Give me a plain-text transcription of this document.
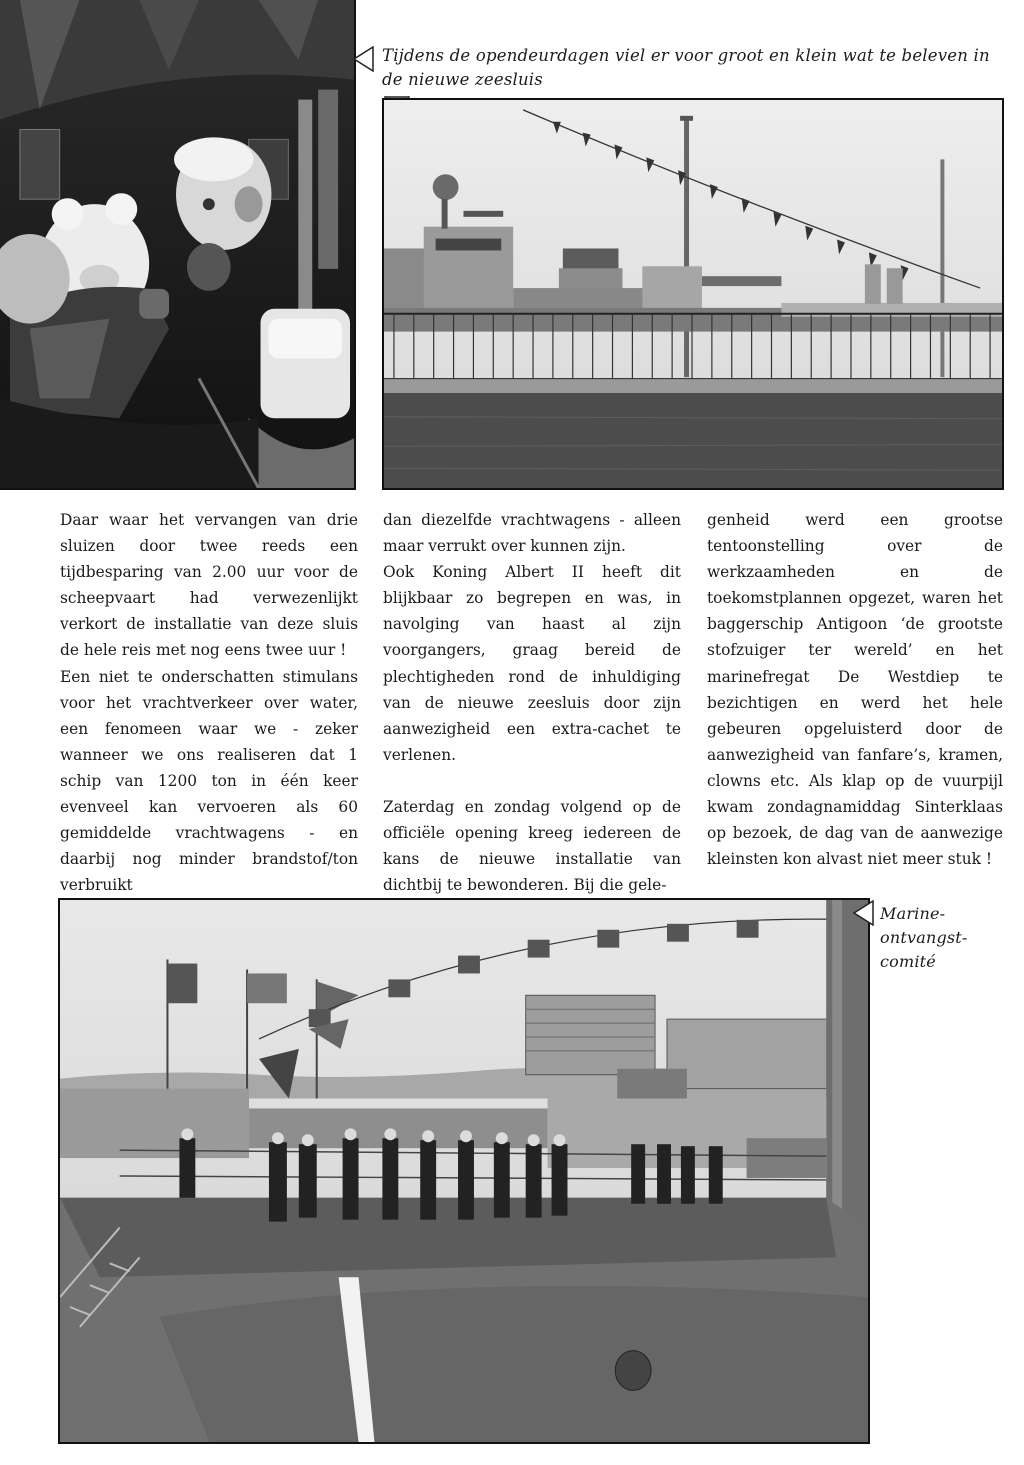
Tijdens de opendeurdagen viel er voor groot en klein wat te beleven in de nieuwe zeesluis

Daar waar het vervangen van drie sluizen door twee reeds een tijdbesparing van 2.00 uur voor de scheepvaart had verwezenlijkt verkort de installatie van deze sluis de hele reis met nog eens twee uur !

Een niet te onderschatten stimulans voor het vrachtverkeer over water, een fenomeen waar we - zeker wanneer we ons realiseren dat 1 schip van 1200 ton in één keer evenveel kan vervoeren als 60 gemiddelde vrachtwagens - en daarbij nog minder brandstof/ton verbruikt

dan diezelfde vrachtwagens - alleen maar verrukt over kunnen zijn.

Ook Koning Albert II heeft dit blijkbaar zo begrepen en was, in navolging van haast al zijn voorgangers, graag bereid de plechtigheden rond de inhuldiging van de nieuwe zeesluis door zijn aanwezigheid een extra-cachet te verlenen.

Zaterdag en zondag volgend op de officiële opening kreeg iedereen de kans de nieuwe installatie van dichtbij te bewonderen. Bij die gele-

genheid werd een grootse tentoonstelling over de werkzaamheden en de toekomstplannen opgezet, waren het baggerschip Antigoon ‘de grootste stofzuiger ter wereld’ en het marinefregat De Westdiep te bezichtigen en werd het hele gebeuren opgeluisterd door de aanwezigheid van fanfare’s, kramen, clowns etc. Als klap op de vuurpijl kwam zondagnamiddag Sinterklaas op bezoek, de dag van de aanwezige kleinsten kon alvast niet meer stuk !

Marine-
ontvangst-
comité
